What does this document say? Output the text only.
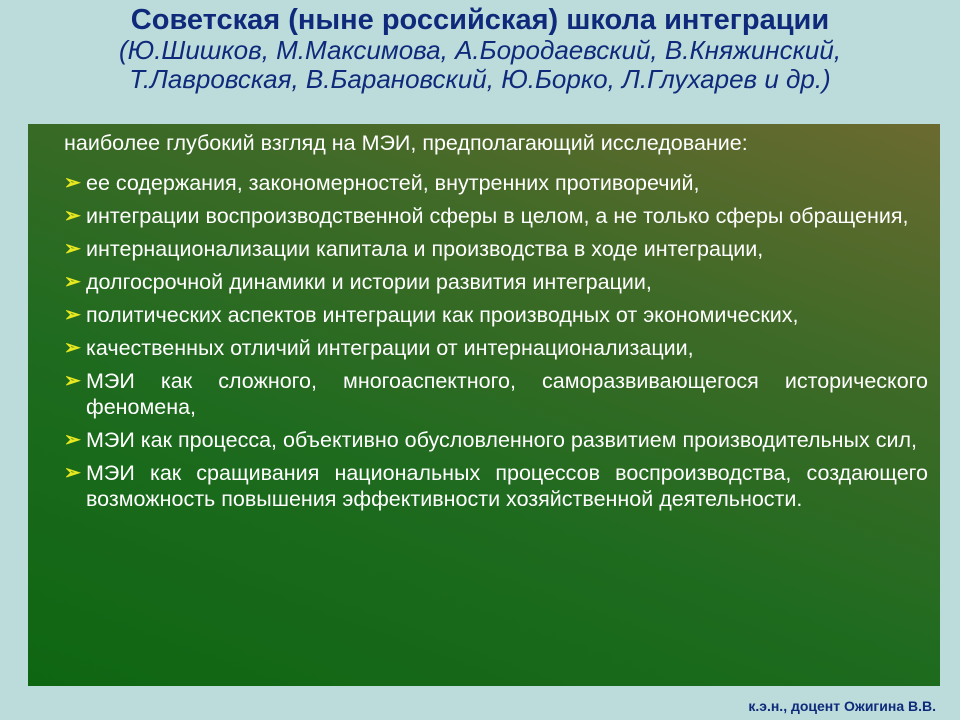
Советская (ныне российская) школа интеграции

(Ю.Шишков, М.Максимова, А.Бородаевский, В.Княжинский,

Т.Лавровская, В.Барановский, Ю.Борко, Л.Глухарев и др.)

наиболее глубокий взгляд на МЭИ, предполагающий исследование:

➢ ее содержания, закономерностей, внутренних противоречий,
➢ интеграции воспроизводственной сферы в целом, а не только сферы обращения,
➢ интернационализации капитала и производства в ходе интеграции,
➢ долгосрочной динамики и истории развития интеграции,
➢ политических аспектов интеграции как производных от экономических,
➢ качественных отличий интеграции от интернационализации,
➢ МЭИ как сложного, многоаспектного, саморазвивающегося исторического феномена,
➢ МЭИ как процесса, объективно обусловленного развитием производительных сил,
➢ МЭИ как сращивания национальных процессов воспроизводства, создающего возможность повышения эффективности хозяйственной деятельности.
к.э.н., доцент Ожигина В.В.
